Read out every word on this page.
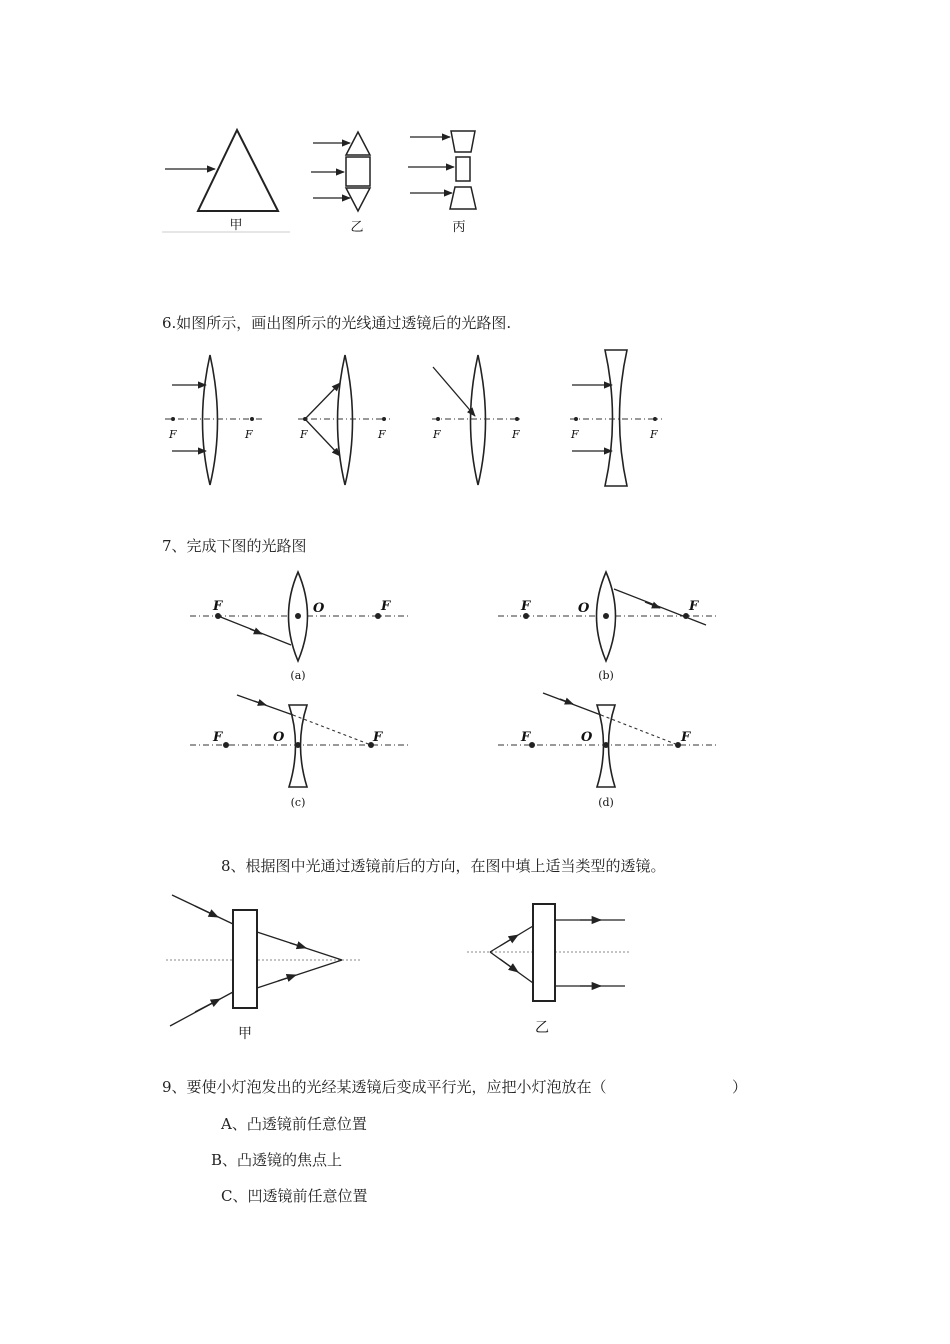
甲	乙	丙
6.如图所示，画出图所示的光线通过透镜后的光路图.
F	F	F	F	F	F	F	F
7、完成下图的光路图
F	O	F
(a)
F	O	F
(b)
F	O	F
(c)
F	O	F
(d)
8、根据图中光通过透镜前后的方向，在图中填上适当类型的透镜。
甲	乙
9、要使小灯泡发出的光经某透镜后变成平行光，应把小灯泡放在（	）
A、凸透镜前任意位置
B、凸透镜的焦点上
C、凹透镜前任意位置
